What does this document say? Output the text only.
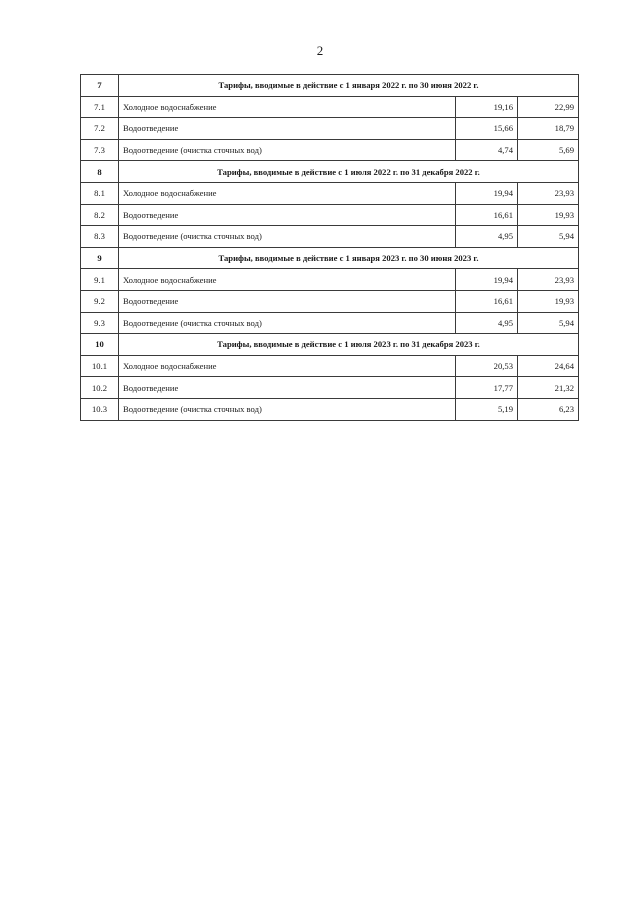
2
7	Тарифы, вводимые в действие с 1 января 2022 г. по 30 июня 2022 г.		
7.1	Холодное водоснабжение	19,16	22,99
7.2	Водоотведение	15,66	18,79
7.3	Водоотведение (очистка сточных вод)	4,74	5,69
8	Тарифы, вводимые в действие с 1 июля 2022 г. по 31 декабря 2022 г.		
8.1	Холодное водоснабжение	19,94	23,93
8.2	Водоотведение	16,61	19,93
8.3	Водоотведение (очистка сточных вод)	4,95	5,94
9	Тарифы, вводимые в действие с 1 января 2023 г. по 30 июня 2023 г.		
9.1	Холодное водоснабжение	19,94	23,93
9.2	Водоотведение	16,61	19,93
9.3	Водоотведение (очистка сточных вод)	4,95	5,94
10	Тарифы, вводимые в действие с 1 июля 2023 г. по 31 декабря 2023 г.		
10.1	Холодное водоснабжение	20,53	24,64
10.2	Водоотведение	17,77	21,32
10.3	Водоотведение (очистка сточных вод)	5,19	6,23
